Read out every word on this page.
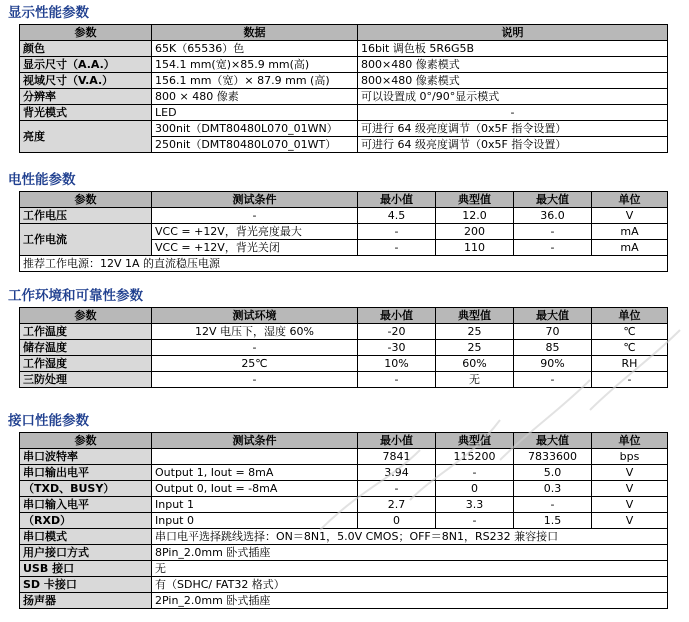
显示性能参数
参数	数据	说明
颜色	65K（65536）色	16bit 调色板 5R6G5B
显示尺寸（A.A.）	154.1 mm(宽)×85.9 mm(高)	800×480 像素模式
视域尺寸（V.A.）	156.1 mm（宽）× 87.9 mm (高)	800×480 像素模式
分辨率	800 × 480 像素	可以设置成 0°/90°显示模式
背光模式	LED	-
亮度	300nit（DMT80480L070_01WN）	可进行 64 级亮度调节（0x5F 指令设置）
	250nit（DMT80480L070_01WT）	可进行 64 级亮度调节（0x5F 指令设置）
电性能参数
参数	测试条件	最小值	典型值	最大值	单位
工作电压	-	4.5	12.0	36.0	V
工作电流	VCC = +12V，背光亮度最大	-	200	-	mA
	VCC = +12V，背光关闭	-	110	-	mA
推荐工作电源：12V 1A 的直流稳压电源					
工作环境和可靠性参数
参数	测试环境	最小值	典型值	最大值	单位
工作温度	12V 电压下，湿度 60%	-20	25	70	℃
储存温度	-	-30	25	85	℃
工作湿度	25℃	10%	60%	90%	RH
三防处理	-	-	无	-	-
接口性能参数
参数	测试条件	最小值	典型值	最大值	单位
串口波特率		7841	115200	7833600	bps
串口输出电平	Output 1, Iout = 8mA	3.94	-	5.0	V
（TXD、BUSY）	Output 0, Iout = -8mA	-	0	0.3	V
串口输入电平	Input 1	2.7	3.3	-	V
（RXD）	Input 0	0	-	1.5	V
串口模式	串口电平选择跳线选择：ON＝8N1，5.0V CMOS；OFF＝8N1，RS232 兼容接口				
用户接口方式	8Pin_2.0mm 卧式插座				
USB 接口	无				
SD 卡接口	有（SDHC/ FAT32 格式）				
扬声器	2Pin_2.0mm 卧式插座				
